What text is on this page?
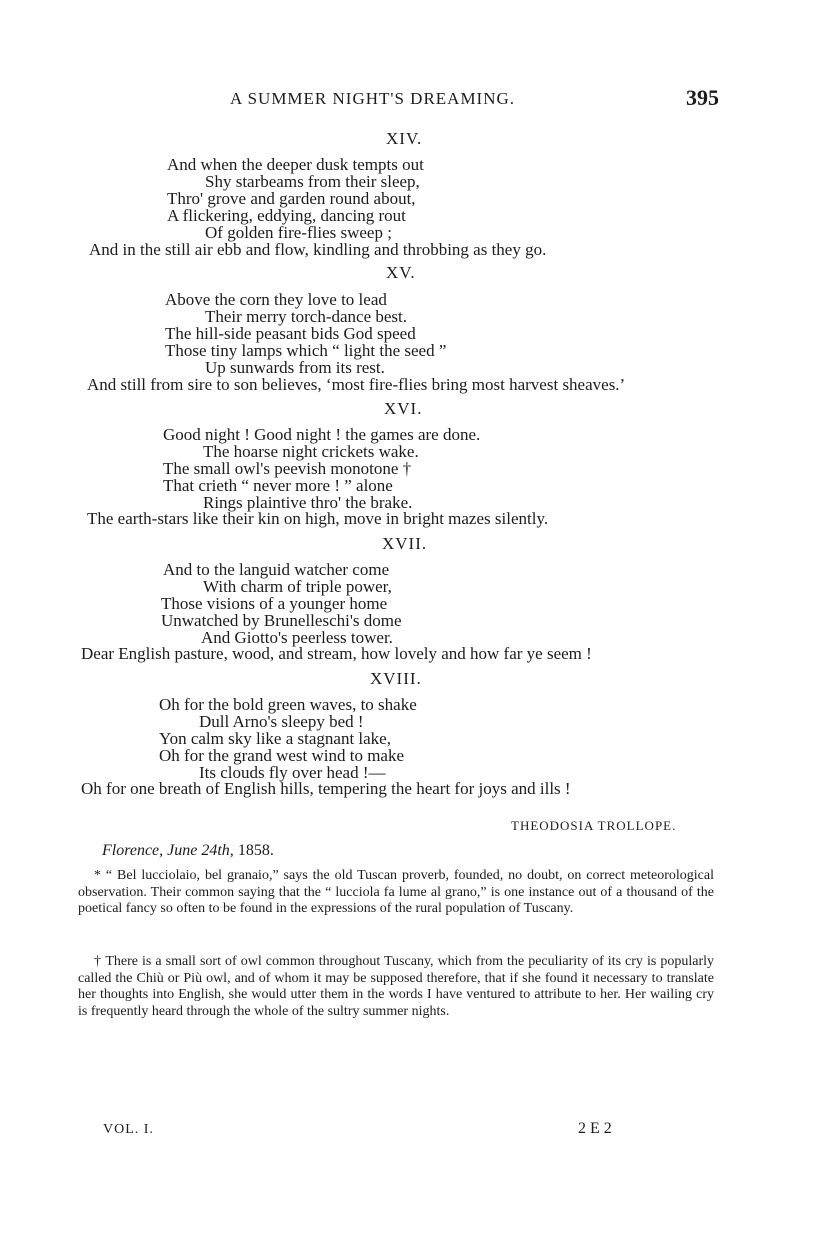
A SUMMER NIGHT'S DREAMING.	395
XIV.
And when the deeper dusk tempts out
Shy starbeams from their sleep,
Thro' grove and garden round about,
A flickering, eddying, dancing rout
Of golden fire-flies sweep ;
And in the still air ebb and flow, kindling and throbbing as they go.
XV.
Above the corn they love to lead
Their merry torch-dance best.
The hill-side peasant bids God speed
Those tiny lamps which “ light the seed ”
Up sunwards from its rest.
And still from sire to son believes, ‘most fire-flies bring most harvest sheaves.’
XVI.
Good night ! Good night ! the games are done.
The hoarse night crickets wake.
The small owl's peevish monotone †
That crieth “ never more ! ” alone
Rings plaintive thro' the brake.
The earth-stars like their kin on high, move in bright mazes silently.
XVII.
And to the languid watcher come
With charm of triple power,
Those visions of a younger home
Unwatched by Brunelleschi's dome
And Giotto's peerless tower.
Dear English pasture, wood, and stream, how lovely and how far ye seem !
XVIII.
Oh for the bold green waves, to shake
Dull Arno's sleepy bed !
Yon calm sky like a stagnant lake,
Oh for the grand west wind to make
Its clouds fly over head !—
Oh for one breath of English hills, tempering the heart for joys and ills !
THEODOSIA TROLLOPE.
Florence, June 24th, 1858.

* “ Bel lucciolaio, bel granaio,” says the old Tuscan proverb, founded, no doubt, on correct meteorological observation. Their common saying that the “ lucciola fa lume al grano,” is one instance out of a thousand of the poetical fancy so often to be found in the expressions of the rural population of Tuscany.

† There is a small sort of owl common throughout Tuscany, which from the peculiarity of its cry is popularly called the Chiù or Più owl, and of whom it may be supposed therefore, that if she found it necessary to translate her thoughts into English, she would utter them in the words I have ventured to attribute to her. Her wailing cry is frequently heard through the whole of the sultry summer nights.

VOL. I.	2 E 2
